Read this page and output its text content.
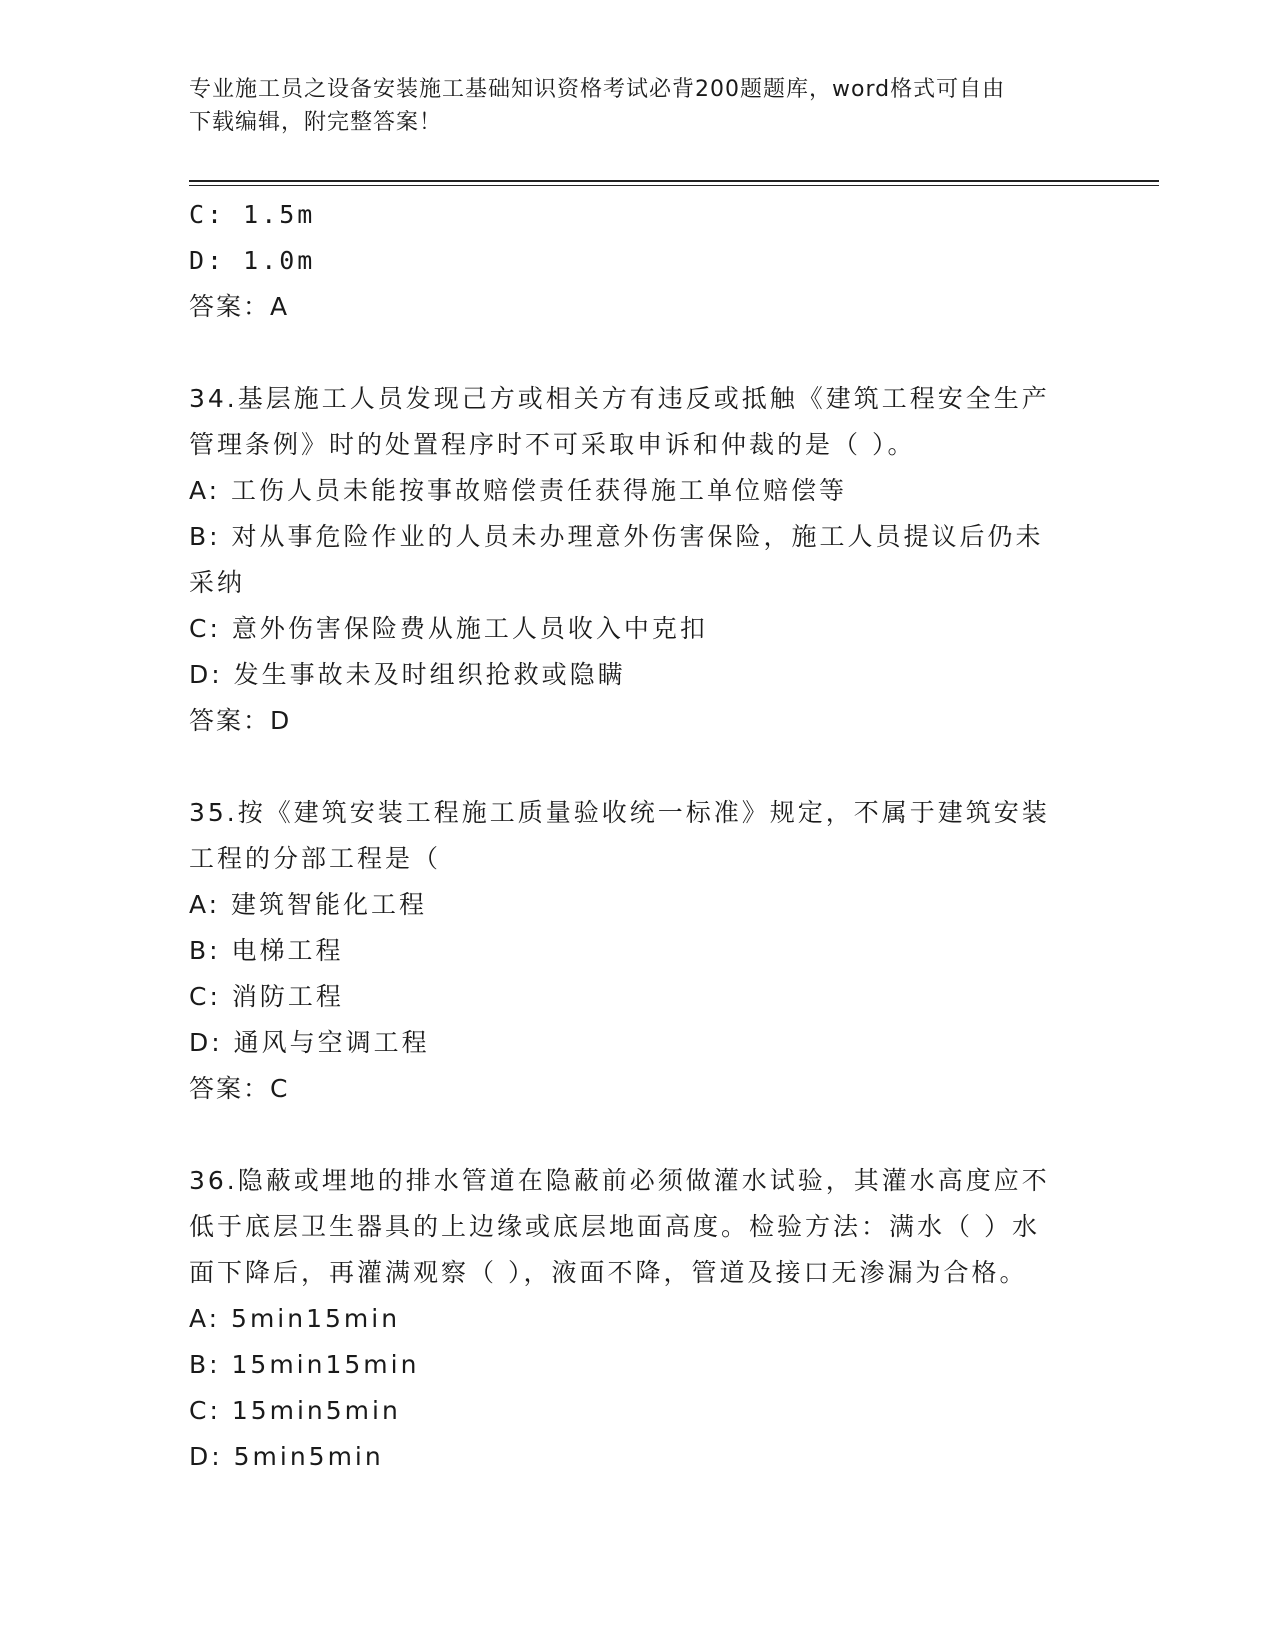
专业施工员之设备安装施工基础知识资格考试必背200题题库，word格式可自由
下载编辑，附完整答案！
C: 1.5m
D: 1.0m
答案：A
34.基层施工人员发现己方或相关方有违反或抵触《建筑工程安全生产
管理条例》时的处置程序时不可采取申诉和仲裁的是（ ）。
A: 工伤人员未能按事故赔偿责任获得施工单位赔偿等
B: 对从事危险作业的人员未办理意外伤害保险，施工人员提议后仍未
采纳
C: 意外伤害保险费从施工人员收入中克扣
D: 发生事故未及时组织抢救或隐瞒
答案：D
35.按《建筑安装工程施工质量验收统一标准》规定，不属于建筑安装
工程的分部工程是（
A: 建筑智能化工程
B: 电梯工程
C: 消防工程
D: 通风与空调工程
答案：C
36.隐蔽或埋地的排水管道在隐蔽前必须做灌水试验，其灌水高度应不
低于底层卫生器具的上边缘或底层地面高度。检验方法：满水（ ）水
面下降后，再灌满观察（ ），液面不降，管道及接口无渗漏为合格。
A: 5min15min
B: 15min15min
C: 15min5min
D: 5min5min
